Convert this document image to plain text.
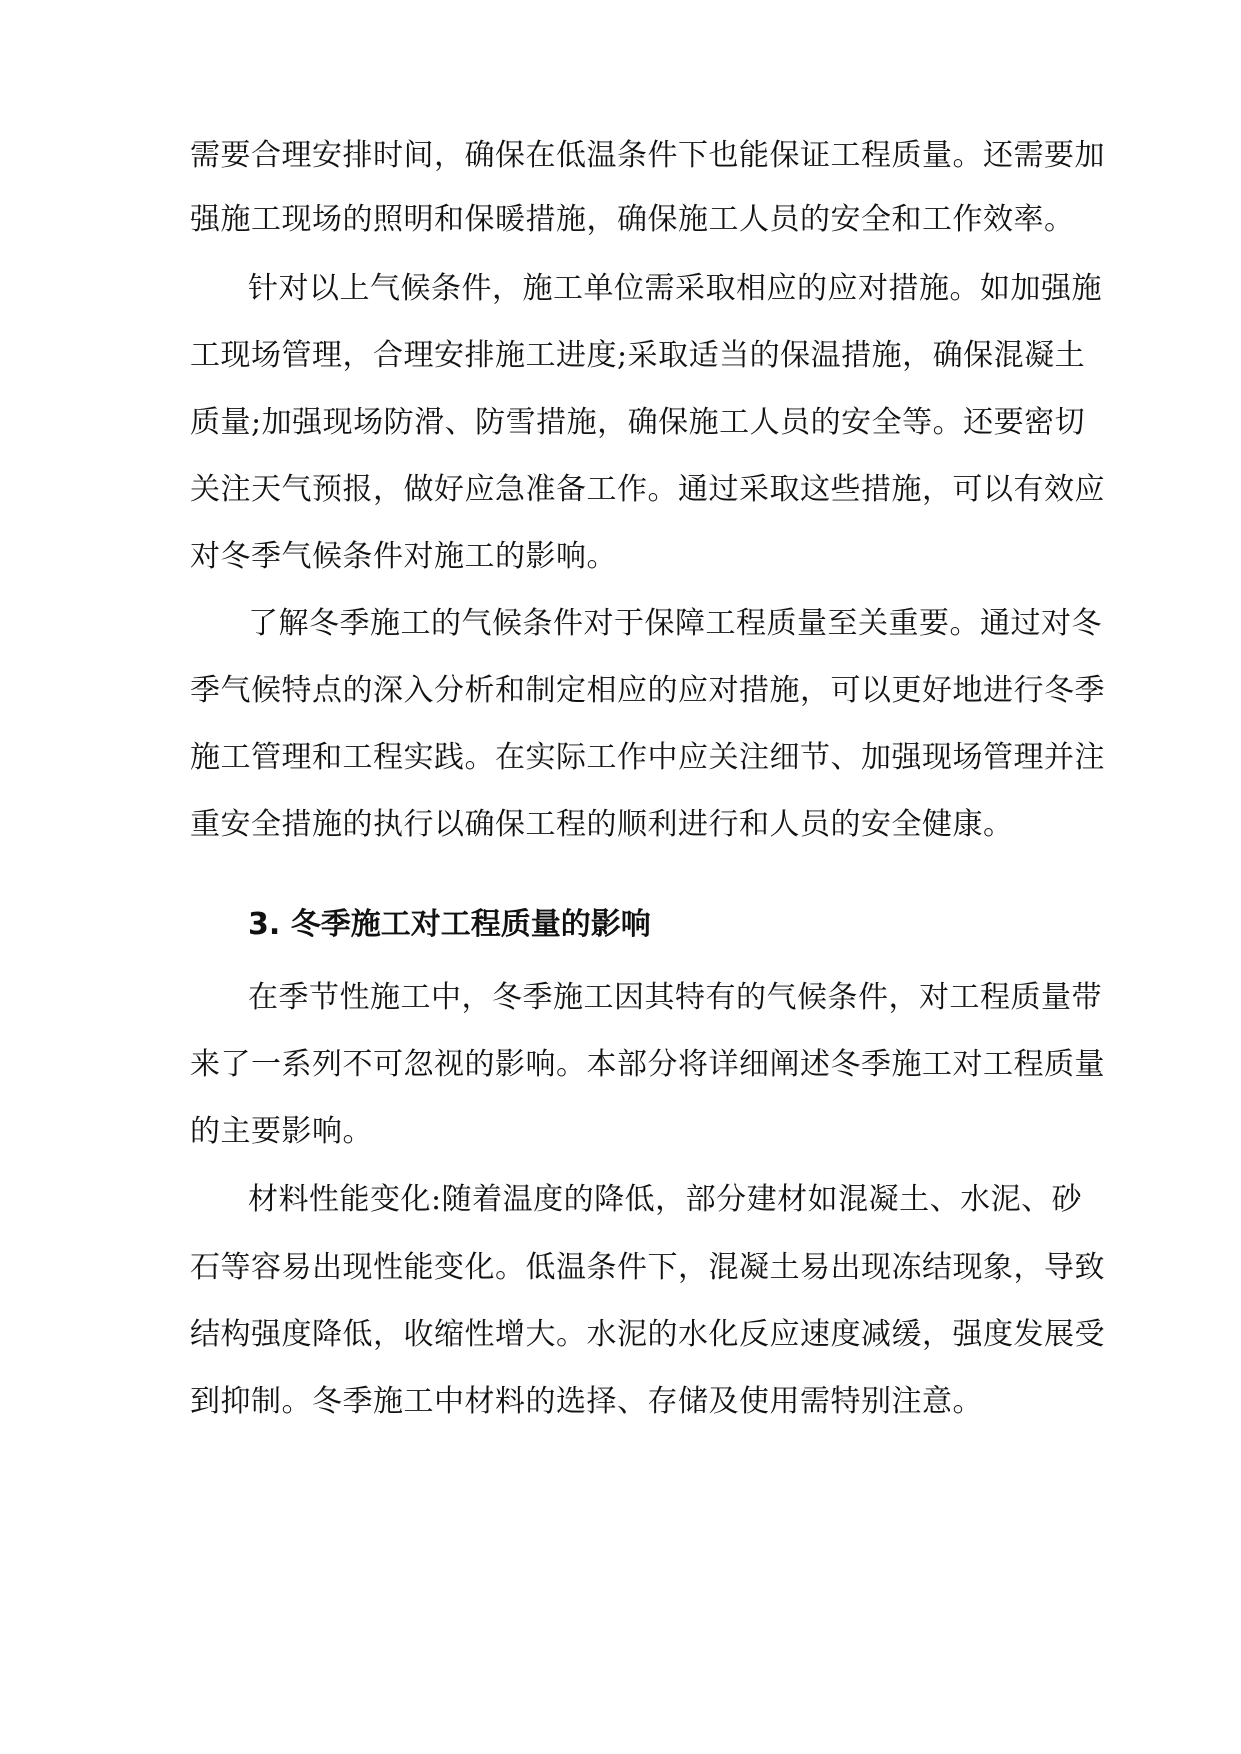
需要合理安排时间，确保在低温条件下也能保证工程质量。还需要加
强施工现场的照明和保暖措施，确保施工人员的安全和工作效率。
针对以上气候条件，施工单位需采取相应的应对措施。如加强施
工现场管理，合理安排施工进度;采取适当的保温措施，确保混凝土
质量;加强现场防滑、防雪措施，确保施工人员的安全等。还要密切
关注天气预报，做好应急准备工作。通过采取这些措施，可以有效应
对冬季气候条件对施工的影响。
了解冬季施工的气候条件对于保障工程质量至关重要。通过对冬
季气候特点的深入分析和制定相应的应对措施，可以更好地进行冬季
施工管理和工程实践。在实际工作中应关注细节、加强现场管理并注
重安全措施的执行以确保工程的顺利进行和人员的安全健康。
3. 冬季施工对工程质量的影响
在季节性施工中，冬季施工因其特有的气候条件，对工程质量带
来了一系列不可忽视的影响。本部分将详细阐述冬季施工对工程质量
的主要影响。
材料性能变化:随着温度的降低，部分建材如混凝土、水泥、砂
石等容易出现性能变化。低温条件下，混凝土易出现冻结现象，导致
结构强度降低，收缩性增大。水泥的水化反应速度减缓，强度发展受
到抑制。冬季施工中材料的选择、存储及使用需特别注意。
